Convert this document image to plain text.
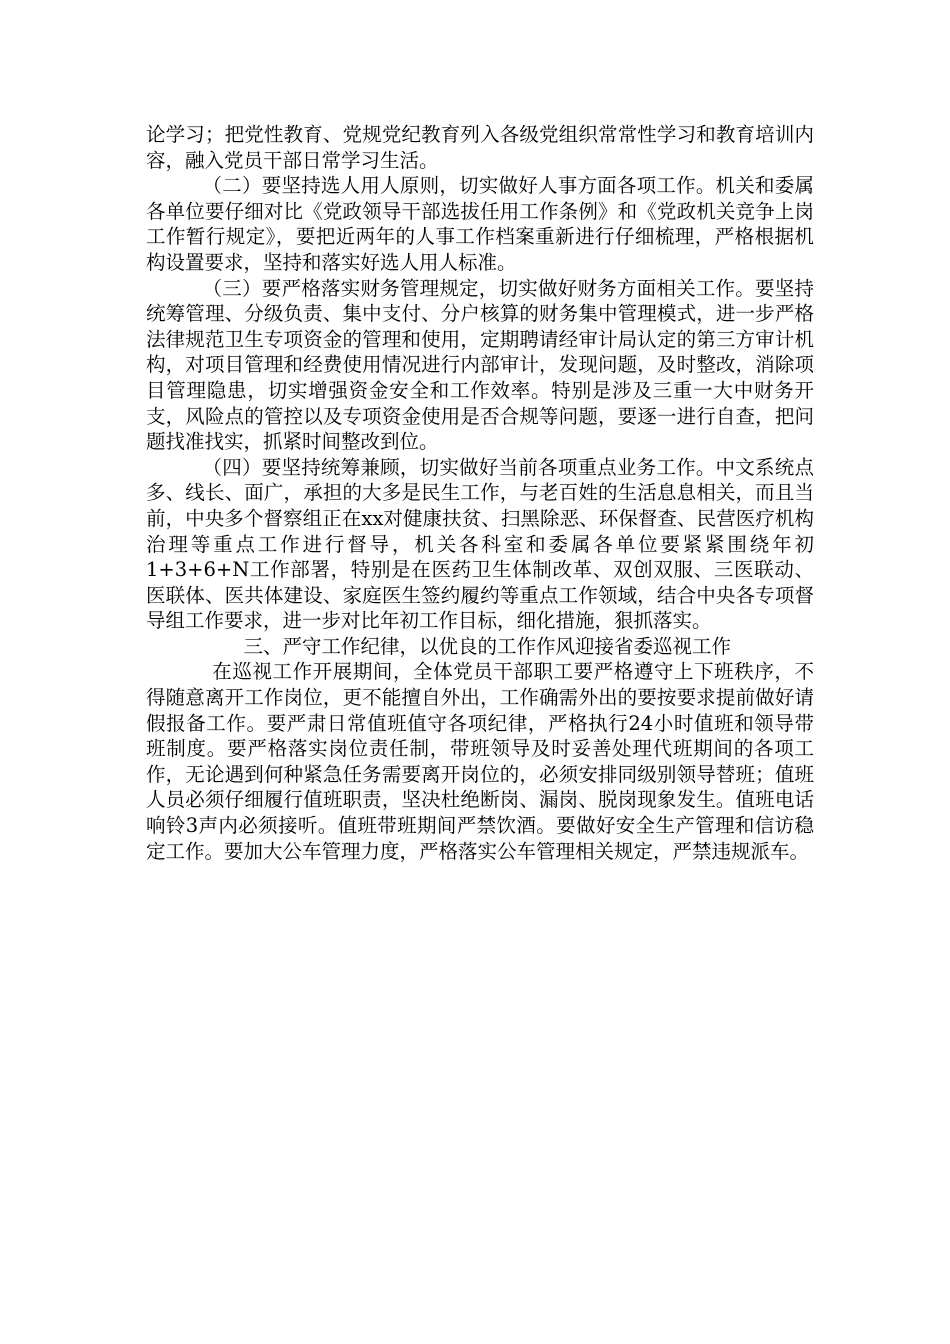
论学习；把党性教育、党规党纪教育列入各级党组织常常性学习和教育培训内容，融入党员干部日常学习生活。

（二）要坚持选人用人原则，切实做好人事方面各项工作。机关和委属各单位要仔细对比《党政领导干部选拔任用工作条例》和《党政机关竞争上岗工作暂行规定》，要把近两年的人事工作档案重新进行仔细梳理，严格根据机构设置要求，坚持和落实好选人用人标准。

（三）要严格落实财务管理规定，切实做好财务方面相关工作。要坚持统筹管理、分级负责、集中支付、分户核算的财务集中管理模式，进一步严格法律规范卫生专项资金的管理和使用，定期聘请经审计局认定的第三方审计机构，对项目管理和经费使用情况进行内部审计，发现问题，及时整改，消除项目管理隐患，切实增强资金安全和工作效率。特别是涉及三重一大中财务开支，风险点的管控以及专项资金使用是否合规等问题，要逐一进行自查，把问题找准找实，抓紧时间整改到位。

（四）要坚持统筹兼顾，切实做好当前各项重点业务工作。中文系统点多、线长、面广，承担的大多是民生工作，与老百姓的生活息息相关，而且当前，中央多个督察组正在xx对健康扶贫、扫黑除恶、环保督查、民营医疗机构治理等重点工作进行督导，机关各科室和委属各单位要紧紧围绕年初1+3+6+N工作部署，特别是在医药卫生体制改革、双创双服、三医联动、医联体、医共体建设、家庭医生签约履约等重点工作领域，结合中央各专项督导组工作要求，进一步对比年初工作目标，细化措施，狠抓落实。

三、严守工作纪律，以优良的工作作风迎接省委巡视工作

在巡视工作开展期间，全体党员干部职工要严格遵守上下班秩序，不得随意离开工作岗位，更不能擅自外出，工作确需外出的要按要求提前做好请假报备工作。要严肃日常值班值守各项纪律，严格执行24小时值班和领导带班制度。要严格落实岗位责任制，带班领导及时妥善处理代班期间的各项工作，无论遇到何种紧急任务需要离开岗位的，必须安排同级别领导替班；值班人员必须仔细履行值班职责，坚决杜绝断岗、漏岗、脱岗现象发生。值班电话响铃3声内必须接听。值班带班期间严禁饮酒。要做好安全生产管理和信访稳定工作。要加大公车管理力度，严格落实公车管理相关规定，严禁违规派车。
